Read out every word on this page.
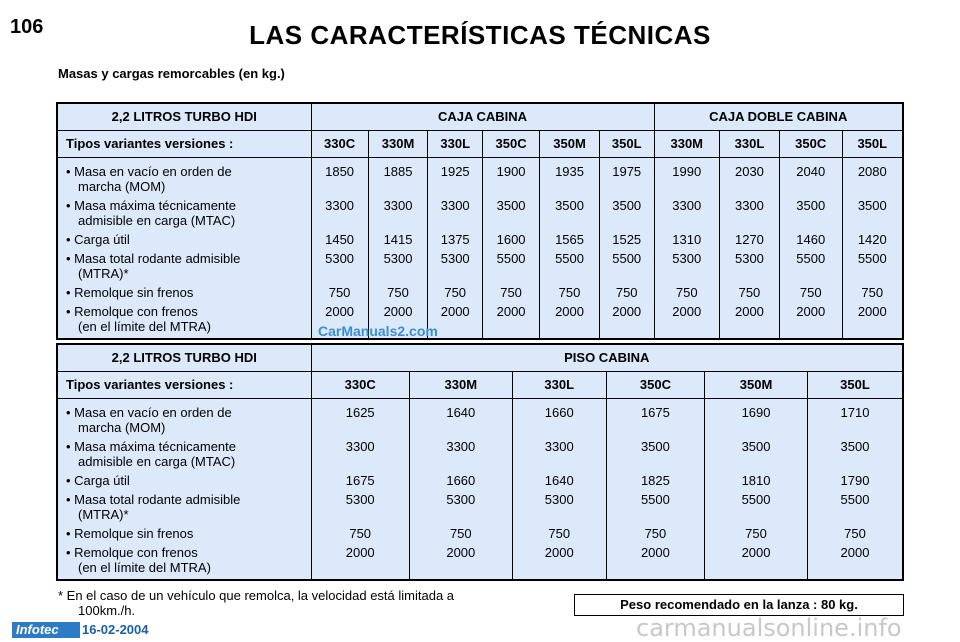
106	LAS CARACTERÍSTICAS TÉCNICAS
Masas y cargas remorcables (en kg.)
2,2 LITROS TURBO HDI	CAJA CABINA						CAJA DOBLE CABINA			
Tipos variantes versiones :	330C	330M	330L	350C	350M	350L	330M	330L	350C	350L
• Masa en vacío en orden de
marcha (MOM)	1850	1885	1925	1900	1935	1975	1990	2030	2040	2080
• Masa máxima técnicamente
admisible en carga (MTAC)	3300	3300	3300	3500	3500	3500	3300	3300	3500	3500
• Carga útil	1450	1415	1375	1600	1565	1525	1310	1270	1460	1420
• Masa total rodante admisible
(MTRA)*	5300	5300	5300	5500	5500	5500	5300	5300	5500	5500
• Remolque sin frenos	750	750	750	750	750	750	750	750	750	750
• Remolque con frenos
(en el límite del MTRA)	2000	2000	2000	2000	2000	2000	2000	2000	2000	2000
CarManuals2.com
2,2 LITROS TURBO HDI	PISO CABINA					
Tipos variantes versiones :	330C	330M	330L	350C	350M	350L
• Masa en vacío en orden de
marcha (MOM)	1625	1640	1660	1675	1690	1710
• Masa máxima técnicamente
admisible en carga (MTAC)	3300	3300	3300	3500	3500	3500
• Carga útil	1675	1660	1640	1825	1810	1790
• Masa total rodante admisible
(MTRA)*	5300	5300	5300	5500	5500	5500
• Remolque sin frenos	750	750	750	750	750	750
• Remolque con frenos
(en el límite del MTRA)	2000	2000	2000	2000	2000	2000
* En el caso de un vehículo que remolca, la velocidad está limitada a
100km./h.	Peso recomendado en la lanza : 80 kg.
Infotec	16-02-2004	carmanualsonline.info
